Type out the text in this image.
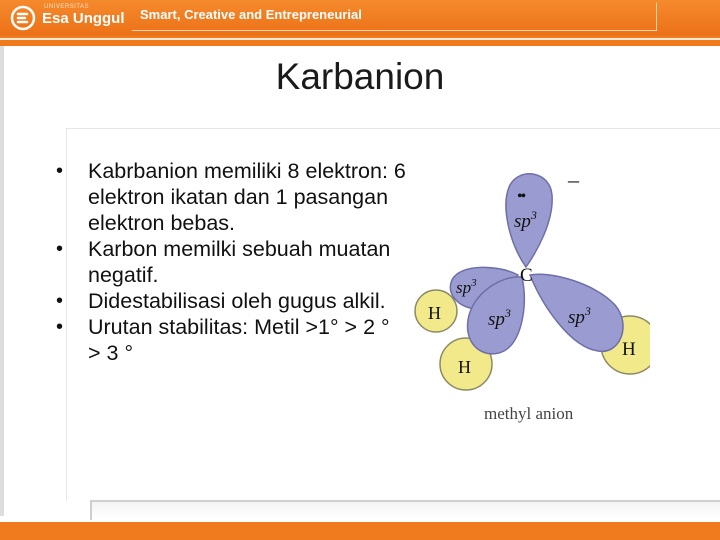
UNIVERSITAS
Esa Unggul Smart, Creative and Entrepreneurial
Karbanion
• Kabrbanion memiliki 8 elektron: 6 elektron ikatan dan 1 pasangan elektron bebas.
• Karbon memilki sebuah muatan negatif.
• Didestabilisasi oleh gugus alkil.
• Urutan stabilitas: Metil >1° > 2 ° > 3 °
••
–
$sp^3$
$sp^3$
$sp^3$	$sp^3$
C
H
H
H
methyl anion
